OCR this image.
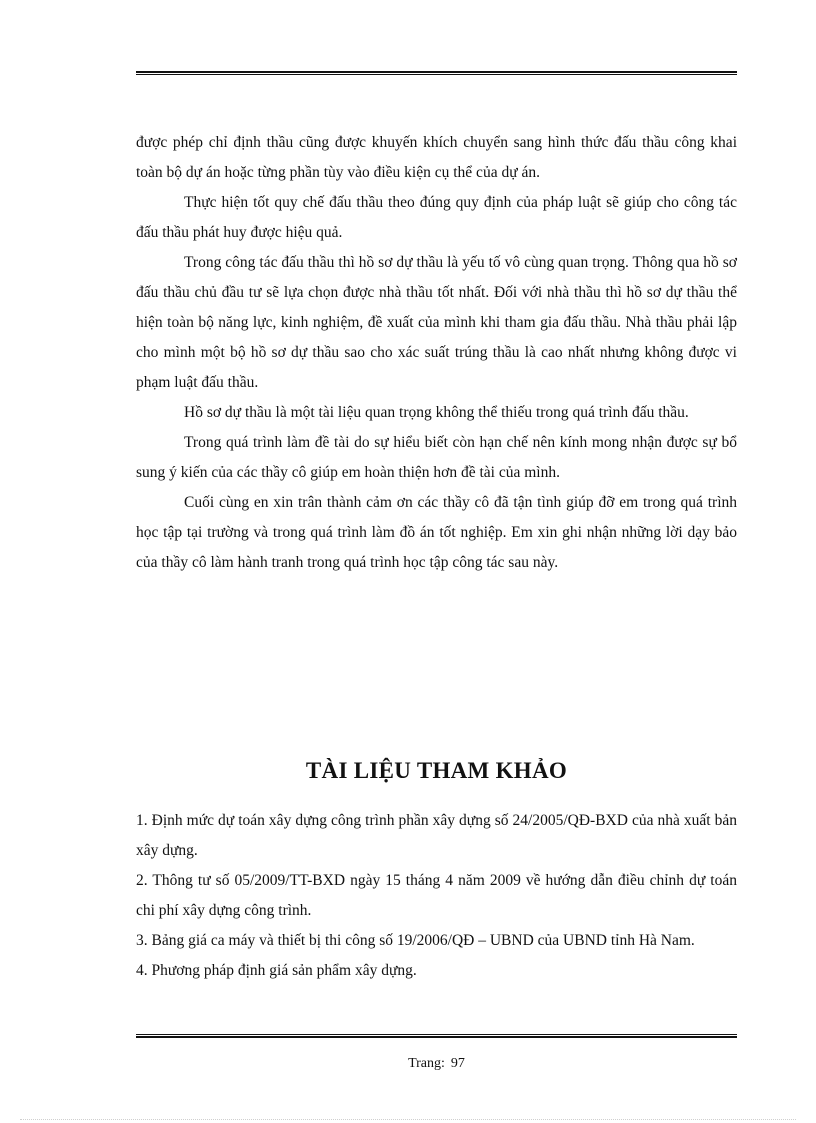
được phép chỉ định thầu cũng được khuyến khích chuyển sang hình thức đấu thầu công khai toàn bộ dự án hoặc từng phần tùy vào điều kiện cụ thể của dự án.

Thực hiện tốt quy chế đấu thầu theo đúng quy định của pháp luật sẽ giúp cho công tác đấu thầu phát huy được hiệu quả.

Trong công tác đấu thầu thì hồ sơ dự thầu là yếu tố vô cùng quan trọng. Thông qua hồ sơ đấu thầu chủ đầu tư sẽ lựa chọn được nhà thầu tốt nhất. Đối với nhà thầu thì hồ sơ dự thầu thể hiện toàn bộ năng lực, kinh nghiệm, đề xuất của mình khi tham gia đấu thầu. Nhà thầu phải lập cho mình một bộ hồ sơ dự thầu sao cho xác suất trúng thầu là cao nhất nhưng không được vi phạm luật đấu thầu.

Hồ sơ dự thầu là một tài liệu quan trọng không thể thiếu trong quá trình đấu thầu.

Trong quá trình làm đề tài do sự hiểu biết còn hạn chế nên kính mong nhận được sự bổ sung ý kiến của các thầy cô giúp em hoàn thiện hơn đề tài của mình.

Cuối cùng en xin trân thành cảm ơn các thầy cô đã tận tình giúp đỡ em trong quá trình học tập tại trường và trong quá trình làm đồ án tốt nghiệp. Em xin ghi nhận những lời dạy bảo của thầy cô làm hành tranh trong quá trình học tập công tác sau này.

TÀI LIỆU THAM KHẢO

1. Định mức dự toán xây dựng công trình phần xây dựng số 24/2005/QĐ-BXD của nhà xuất bản xây dựng.

2. Thông tư số 05/2009/TT-BXD ngày 15 tháng 4 năm 2009 về hướng dẫn điều chỉnh dự toán chi phí xây dựng công trình.

3. Bảng giá ca máy và thiết bị thi công số 19/2006/QĐ – UBND của UBND tỉnh Hà Nam.

4. Phương pháp định giá sản phẩm xây dựng.

Trang: 97
